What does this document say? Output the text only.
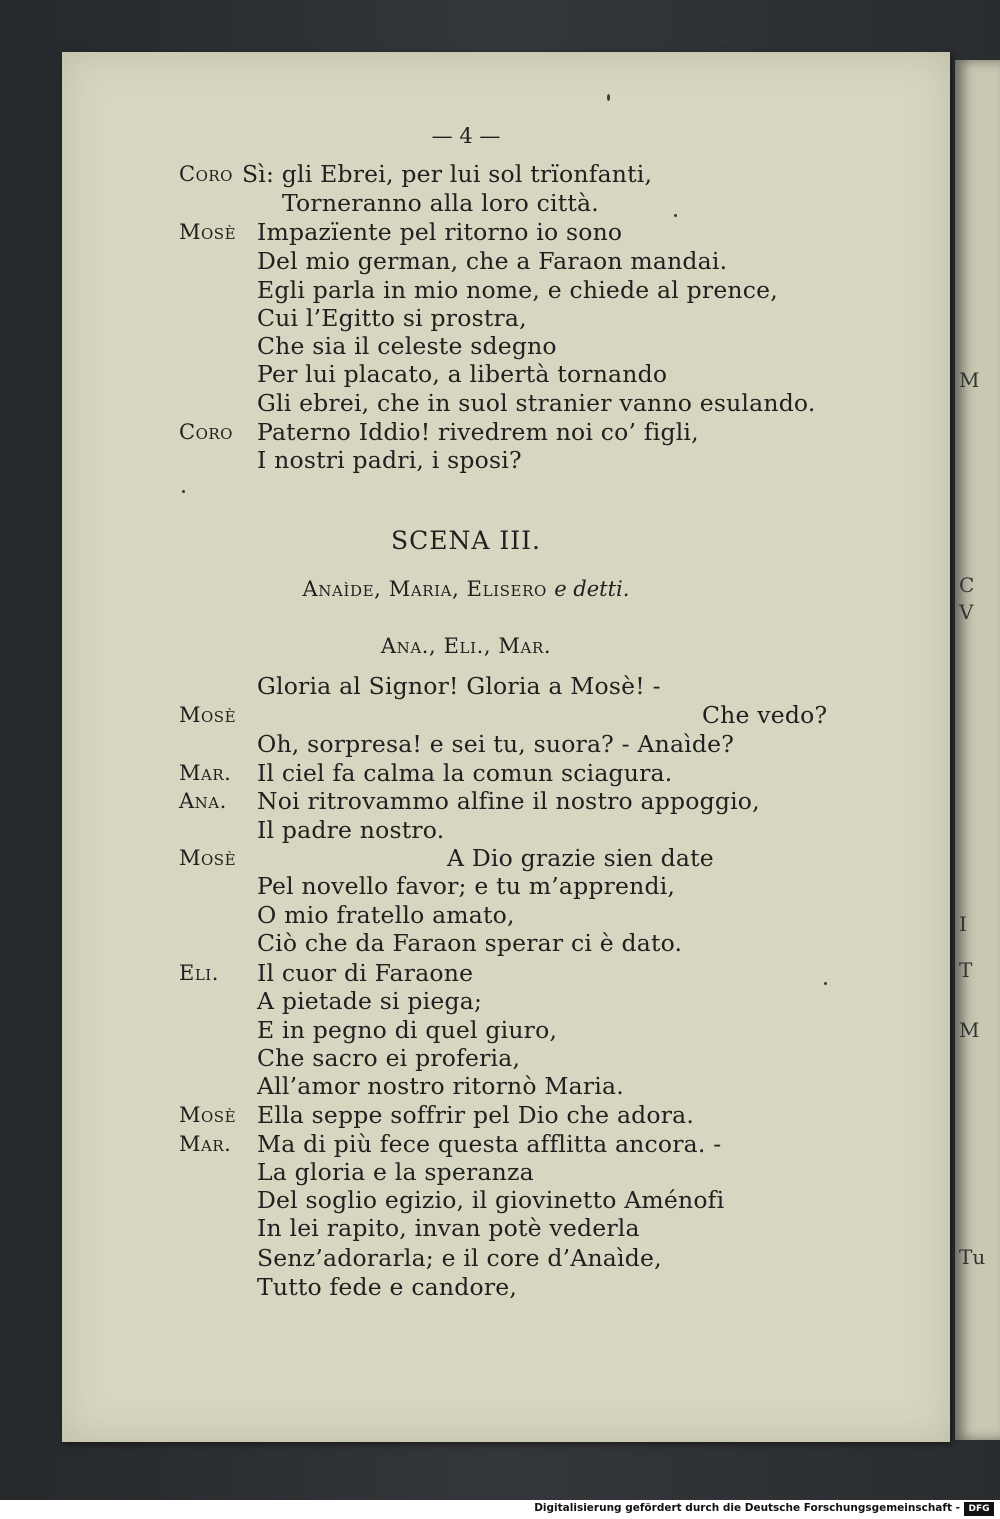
M
C
V
I
T
M
Tu
— 4 —
Coro Sì: gli Ebrei, per lui sol trïonfanti,
Torneranno alla loro città.
Mosè Impazïente pel ritorno io sono
Del mio german, che a Faraon mandai.
Egli parla in mio nome, e chiede al prence,
Cui l’Egitto si prostra,
Che sia il celeste sdegno
Per lui placato, a libertà tornando
Gli ebrei, che in suol stranier vanno esulando.
Coro Paterno Iddio! rivedrem noi co’ figli,
I nostri padri, i sposi?
SCENA III.
Anaìde, Maria, Elisero e detti.
Ana., Eli., Mar.
Gloria al Signor! Gloria a Mosè! -
Mosè	Che vedo?
Oh, sorpresa! e sei tu, suora? - Anaìde?
Mar. Il ciel fa calma la comun sciagura.
Ana. Noi ritrovammo alfine il nostro appoggio,
Il padre nostro.
Mosè	A Dio grazie sien date
Pel novello favor; e tu m’apprendi,
O mio fratello amato,
Ciò che da Faraon sperar ci è dato.
Eli. Il cuor di Faraone
A pietade si piega;
E in pegno di quel giuro,
Che sacro ei proferia,
All’amor nostro ritornò Maria.
Mosè Ella seppe soffrir pel Dio che adora.
Mar. Ma di più fece questa afflitta ancora. -
La gloria e la speranza
Del soglio egizio, il giovinetto Aménofi
In lei rapito, invan potè vederla
Senz’adorarla; e il core d’Anaìde,
Tutto fede e candore,
Digitalisierung gefördert durch die Deutsche Forschungsgemeinschaft - DFG
